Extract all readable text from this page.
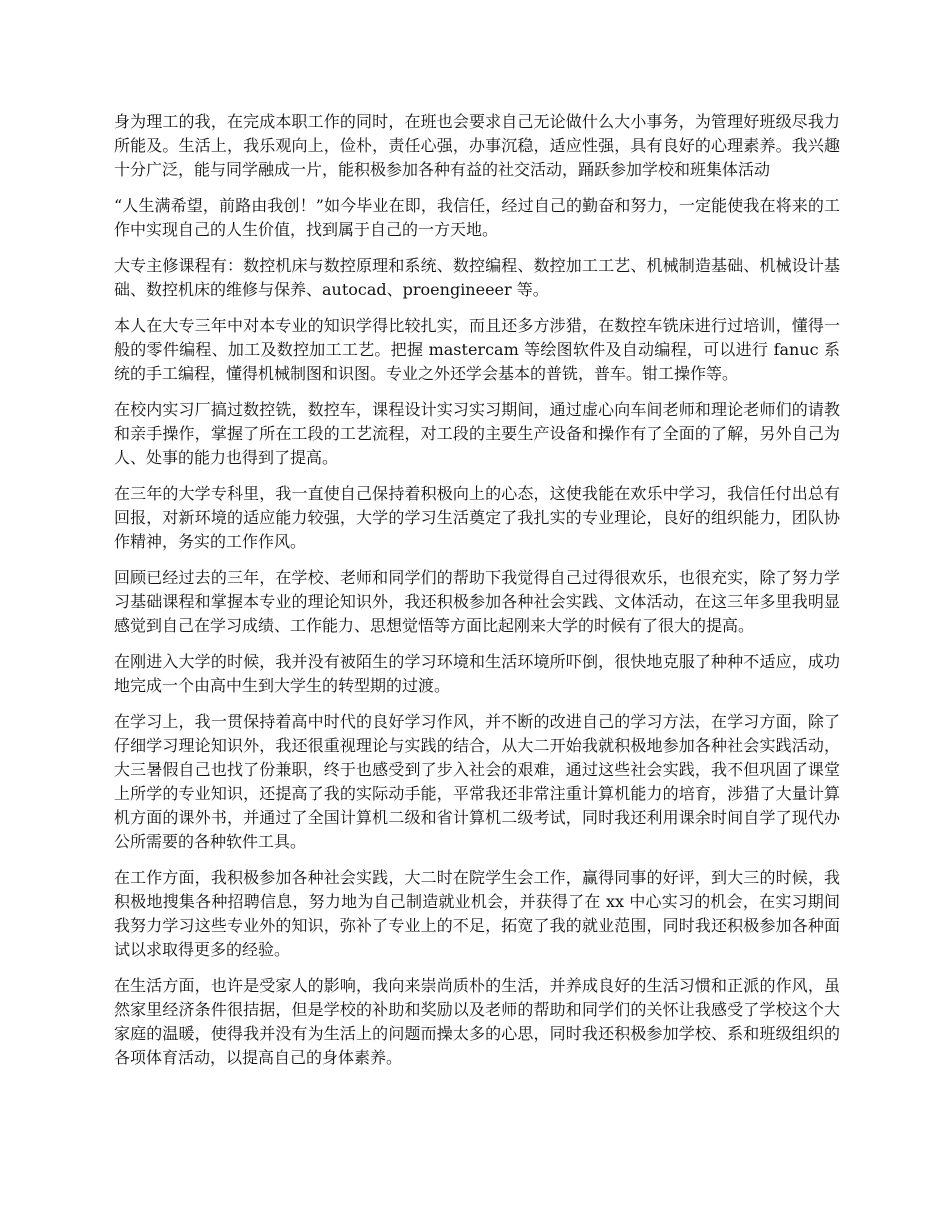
身为理工的我，在完成本职工作的同时，在班也会要求自己无论做什么大小事务，为管理好班级尽我力所能及。生活上，我乐观向上，俭朴，责任心强，办事沉稳，适应性强，具有良好的心理素养。我兴趣十分广泛，能与同学融成一片，能积极参加各种有益的社交活动，踊跃参加学校和班集体活动

“人生满希望，前路由我创！”如今毕业在即，我信任，经过自己的勤奋和努力，一定能使我在将来的工作中实现自己的人生价值，找到属于自己的一方天地。

大专主修课程有：数控机床与数控原理和系统、数控编程、数控加工工艺、机械制造基础、机械设计基础、数控机床的维修与保养、autocad、proengineeer 等。

本人在大专三年中对本专业的知识学得比较扎实，而且还多方涉猎，在数控车铣床进行过培训，懂得一般的零件编程、加工及数控加工工艺。把握 mastercam 等绘图软件及自动编程，可以进行 fanuc 系统的手工编程，懂得机械制图和识图。专业之外还学会基本的普铣，普车。钳工操作等。

在校内实习厂搞过数控铣，数控车，课程设计实习实习期间，通过虚心向车间老师和理论老师们的请教和亲手操作，掌握了所在工段的工艺流程，对工段的主要生产设备和操作有了全面的了解，另外自己为人、处事的能力也得到了提高。

在三年的大学专科里，我一直使自己保持着积极向上的心态，这使我能在欢乐中学习，我信任付出总有回报，对新环境的适应能力较强，大学的学习生活奠定了我扎实的专业理论，良好的组织能力，团队协作精神，务实的工作作风。

回顾已经过去的三年，在学校、老师和同学们的帮助下我觉得自己过得很欢乐，也很充实，除了努力学习基础课程和掌握本专业的理论知识外，我还积极参加各种社会实践、文体活动，在这三年多里我明显感觉到自己在学习成绩、工作能力、思想觉悟等方面比起刚来大学的时候有了很大的提高。

在刚进入大学的时候，我并没有被陌生的学习环境和生活环境所吓倒，很快地克服了种种不适应，成功地完成一个由高中生到大学生的转型期的过渡。

在学习上，我一贯保持着高中时代的良好学习作风，并不断的改进自己的学习方法，在学习方面，除了仔细学习理论知识外，我还很重视理论与实践的结合，从大二开始我就积极地参加各种社会实践活动，大三暑假自己也找了份兼职，终于也感受到了步入社会的艰难，通过这些社会实践，我不但巩固了课堂上所学的专业知识，还提高了我的实际动手能，平常我还非常注重计算机能力的培育，涉猎了大量计算机方面的课外书，并通过了全国计算机二级和省计算机二级考试，同时我还利用课余时间自学了现代办公所需要的各种软件工具。

在工作方面，我积极参加各种社会实践，大二时在院学生会工作，赢得同事的好评，到大三的时候，我积极地搜集各种招聘信息，努力地为自己制造就业机会，并获得了在 xx 中心实习的机会，在实习期间我努力学习这些专业外的知识，弥补了专业上的不足，拓宽了我的就业范围，同时我还积极参加各种面试以求取得更多的经验。

在生活方面，也许是受家人的影响，我向来崇尚质朴的生活，并养成良好的生活习惯和正派的作风，虽然家里经济条件很拮据，但是学校的补助和奖励以及老师的帮助和同学们的关怀让我感受了学校这个大家庭的温暖，使得我并没有为生活上的问题而操太多的心思，同时我还积极参加学校、系和班级组织的各项体育活动，以提高自己的身体素养。
